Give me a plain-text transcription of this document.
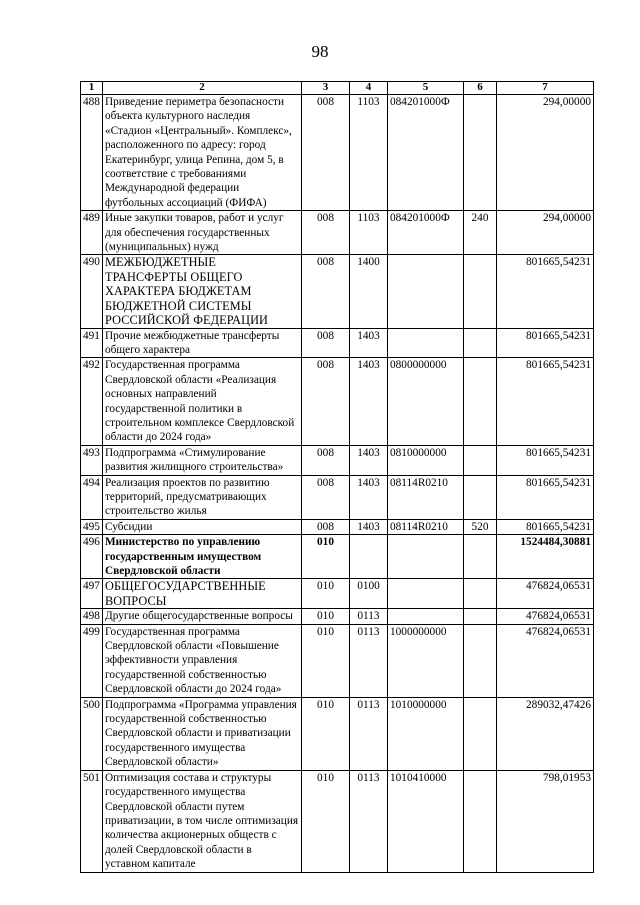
98
1	2	3	4	5	6	7
488	Приведение периметра безопасности объекта культурного наследия «Стадион «Центральный». Комплекс», расположенного по адресу: город Екатеринбург, улица Репина, дом 5, в соответствие с требованиями Международной федерации футбольных ассоциаций (ФИФА)	008	1103	084201000Ф		294,00000
489	Иные закупки товаров, работ и услуг для обеспечения государственных (муниципальных) нужд	008	1103	084201000Ф	240	294,00000
490	МЕЖБЮДЖЕТНЫЕ ТРАНСФЕРТЫ ОБЩЕГО ХАРАКТЕРА БЮДЖЕТАМ БЮДЖЕТНОЙ СИСТЕМЫ РОССИЙСКОЙ ФЕДЕРАЦИИ	008	1400			801665,54231
491	Прочие межбюджетные трансферты общего характера	008	1403			801665,54231
492	Государственная программа Свердловской области «Реализация основных направлений государственной политики в строительном комплексе Свердловской области до 2024 года»	008	1403	0800000000		801665,54231
493	Подпрограмма «Стимулирование развития жилищного строительства»	008	1403	0810000000		801665,54231
494	Реализация проектов по развитию территорий, предусматривающих строительство жилья	008	1403	08114R0210		801665,54231
495	Субсидии	008	1403	08114R0210	520	801665,54231
496	Министерство по управлению государственным имуществом Свердловской области	010				1524484,30881
497	ОБЩЕГОСУДАРСТВЕННЫЕ ВОПРОСЫ	010	0100			476824,06531
498	Другие общегосударственные вопросы	010	0113			476824,06531
499	Государственная программа Свердловской области «Повышение эффективности управления государственной собственностью Свердловской области до 2024 года»	010	0113	1000000000		476824,06531
500	Подпрограмма «Программа управления государственной собственностью Свердловской области и приватизации государственного имущества Свердловской области»	010	0113	1010000000		289032,47426
501	Оптимизация состава и структуры государственного имущества Свердловской области путем приватизации, в том числе оптимизация количества акционерных обществ с долей Свердловской области в уставном капитале	010	0113	1010410000		798,01953
